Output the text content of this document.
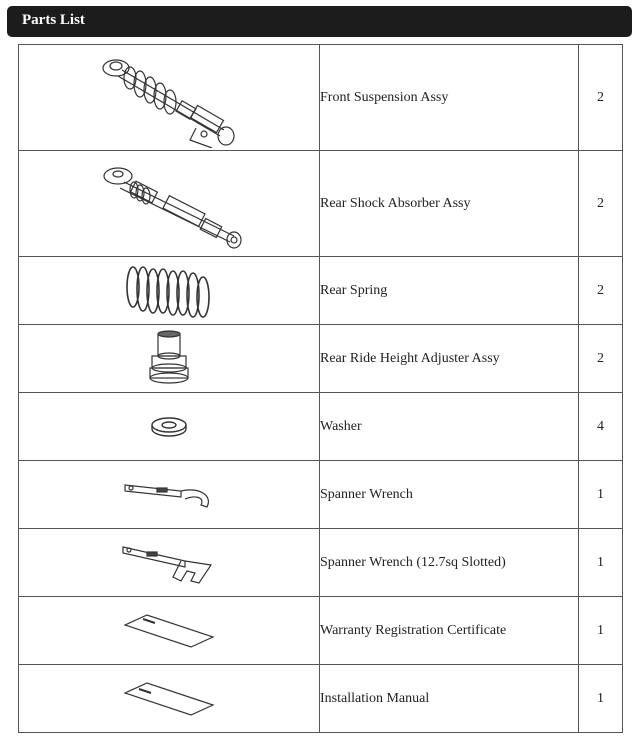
Parts List
	Front Suspension Assy	2

	Rear Shock Absorber Assy	2

	Rear Spring	2

	Rear Ride Height Adjuster Assy	2

	Washer	4

	Spanner Wrench	1

	Spanner Wrench (12.7sq Slotted)	1

	Warranty Registration Certificate	1

	Installation Manual	1
